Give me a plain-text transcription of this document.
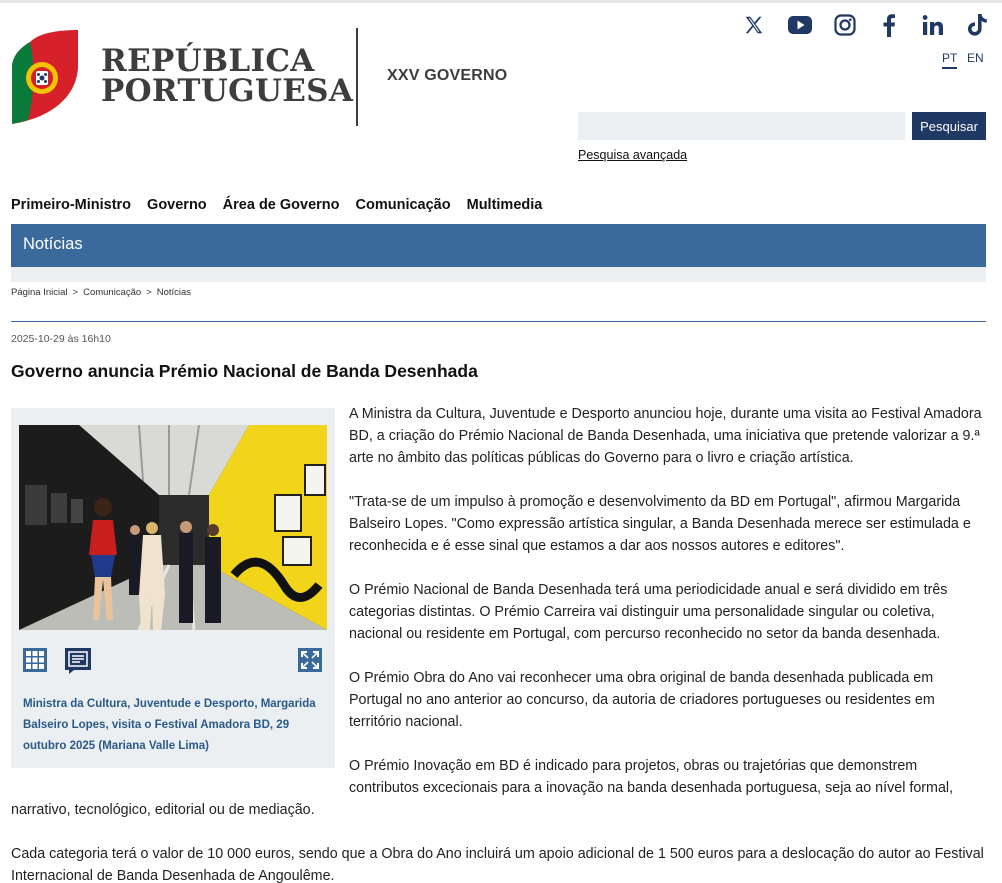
REPÚBLICA
PORTUGUESA XXV GOVERNO
PT EN
Pesquisar
Pesquisa avançada
Primeiro-Ministro Governo Área de Governo Comunicação Multimedia
Notícias
Página Inicial > Comunicação > Notícias
2025-10-29 às 16h10
Governo anuncia Prémio Nacional de Banda Desenhada
Ministra da Cultura, Juventude e Desporto, Margarida Balseiro Lopes, visita o Festival Amadora BD, 29 outubro 2025 (Mariana Valle Lima)

A Ministra da Cultura, Juventude e Desporto anunciou hoje, durante uma visita ao Festival Amadora BD, a criação do Prémio Nacional de Banda Desenhada, uma iniciativa que pretende valorizar a 9.ª arte no âmbito das políticas públicas do Governo para o livro e criação artística.

"Trata-se de um impulso à promoção e desenvolvimento da BD em Portugal", afirmou Margarida Balseiro Lopes. "Como expressão artística singular, a Banda Desenhada merece ser estimulada e reconhecida e é esse sinal que estamos a dar aos nossos autores e editores".

O Prémio Nacional de Banda Desenhada terá uma periodicidade anual e será dividido em três categorias distintas. O Prémio Carreira vai distinguir uma personalidade singular ou coletiva, nacional ou residente em Portugal, com percurso reconhecido no setor da banda desenhada.

O Prémio Obra do Ano vai reconhecer uma obra original de banda desenhada publicada em Portugal no ano anterior ao concurso, da autoria de criadores portugueses ou residentes em território nacional.

O Prémio Inovação em BD é indicado para projetos, obras ou trajetórias que demonstrem contributos excecionais para a inovação na banda desenhada portuguesa, seja ao nível formal, narrativo, tecnológico, editorial ou de mediação.

Cada categoria terá o valor de 10 000 euros, sendo que a Obra do Ano incluirá um apoio adicional de 1 500 euros para a deslocação do autor ao Festival Internacional de Banda Desenhada de Angoulême.
